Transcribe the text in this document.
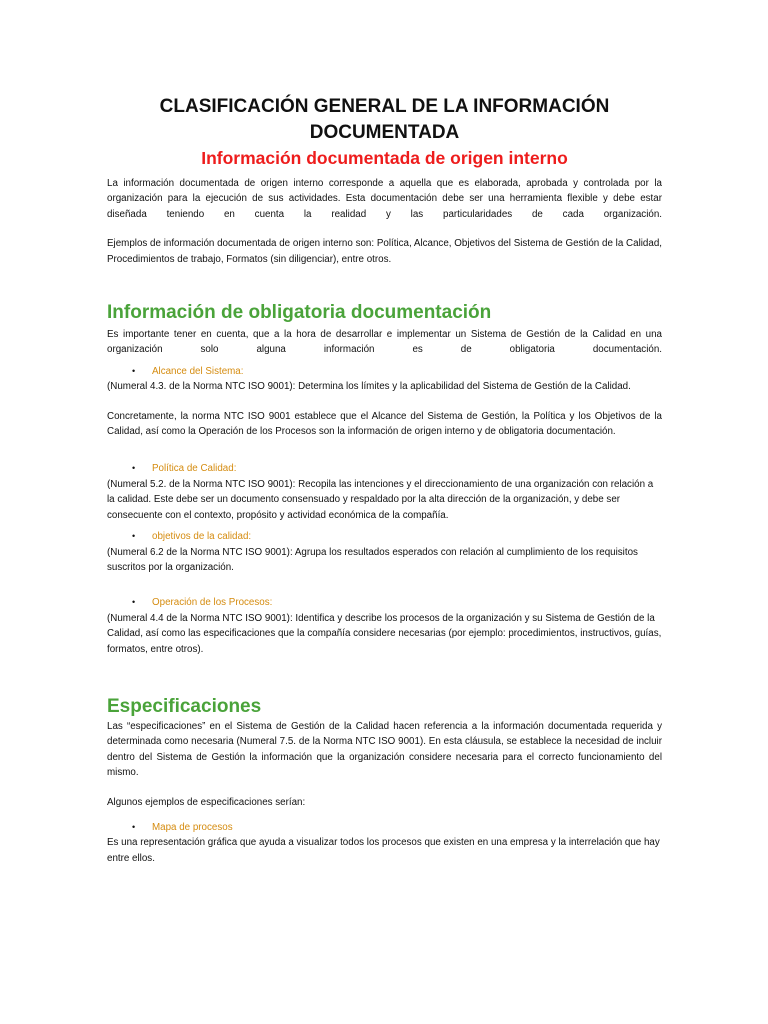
CLASIFICACIÓN GENERAL DE LA INFORMACIÓN DOCUMENTADA
Información documentada de origen interno

La información documentada de origen interno corresponde a aquella que es elaborada, aprobada y controlada por la organización para la ejecución de sus actividades. Esta documentación debe ser una herramienta flexible y debe estar diseñada teniendo en cuenta la realidad y las particularidades de cada organización.

Ejemplos de información documentada de origen interno son: Política, Alcance, Objetivos del Sistema de Gestión de la Calidad, Procedimientos de trabajo, Formatos (sin diligenciar), entre otros.

Información de obligatoria documentación

Es importante tener en cuenta, que a la hora de desarrollar e implementar un Sistema de Gestión de la Calidad en una organización solo alguna información es de obligatoria documentación.

•	Alcance del Sistema:

(Numeral 4.3. de la Norma NTC ISO 9001): Determina los límites y la aplicabilidad del Sistema de Gestión de la Calidad.

Concretamente, la norma NTC ISO 9001 establece que el Alcance del Sistema de Gestión, la Política y los Objetivos de la Calidad, así como la Operación de los Procesos son la información de origen interno y de obligatoria documentación.

•	Política de Calidad:

(Numeral 5.2. de la Norma NTC ISO 9001): Recopila las intenciones y el direccionamiento de una organización con relación a la calidad. Este debe ser un documento consensuado y respaldado por la alta dirección de la organización, y debe ser consecuente con el contexto, propósito y actividad económica de la compañía.

•	objetivos de la calidad:

(Numeral 6.2 de la Norma NTC ISO 9001): Agrupa los resultados esperados con relación al cumplimiento de los requisitos suscritos por la organización.

•	Operación de los Procesos:

(Numeral 4.4 de la Norma NTC ISO 9001): Identifica y describe los procesos de la organización y su Sistema de Gestión de la Calidad, así como las especificaciones que la compañía considere necesarias (por ejemplo: procedimientos, instructivos, guías, formatos, entre otros).

Especificaciones

Las “especificaciones” en el Sistema de Gestión de la Calidad hacen referencia a la información documentada requerida y determinada como necesaria (Numeral 7.5. de la Norma NTC ISO 9001). En esta cláusula, se establece la necesidad de incluir dentro del Sistema de Gestión la información que la organización considere necesaria para el correcto funcionamiento del mismo.

Algunos ejemplos de especificaciones serían:

•	Mapa de procesos

Es una representación gráfica que ayuda a visualizar todos los procesos que existen en una empresa y la interrelación que hay entre ellos.
